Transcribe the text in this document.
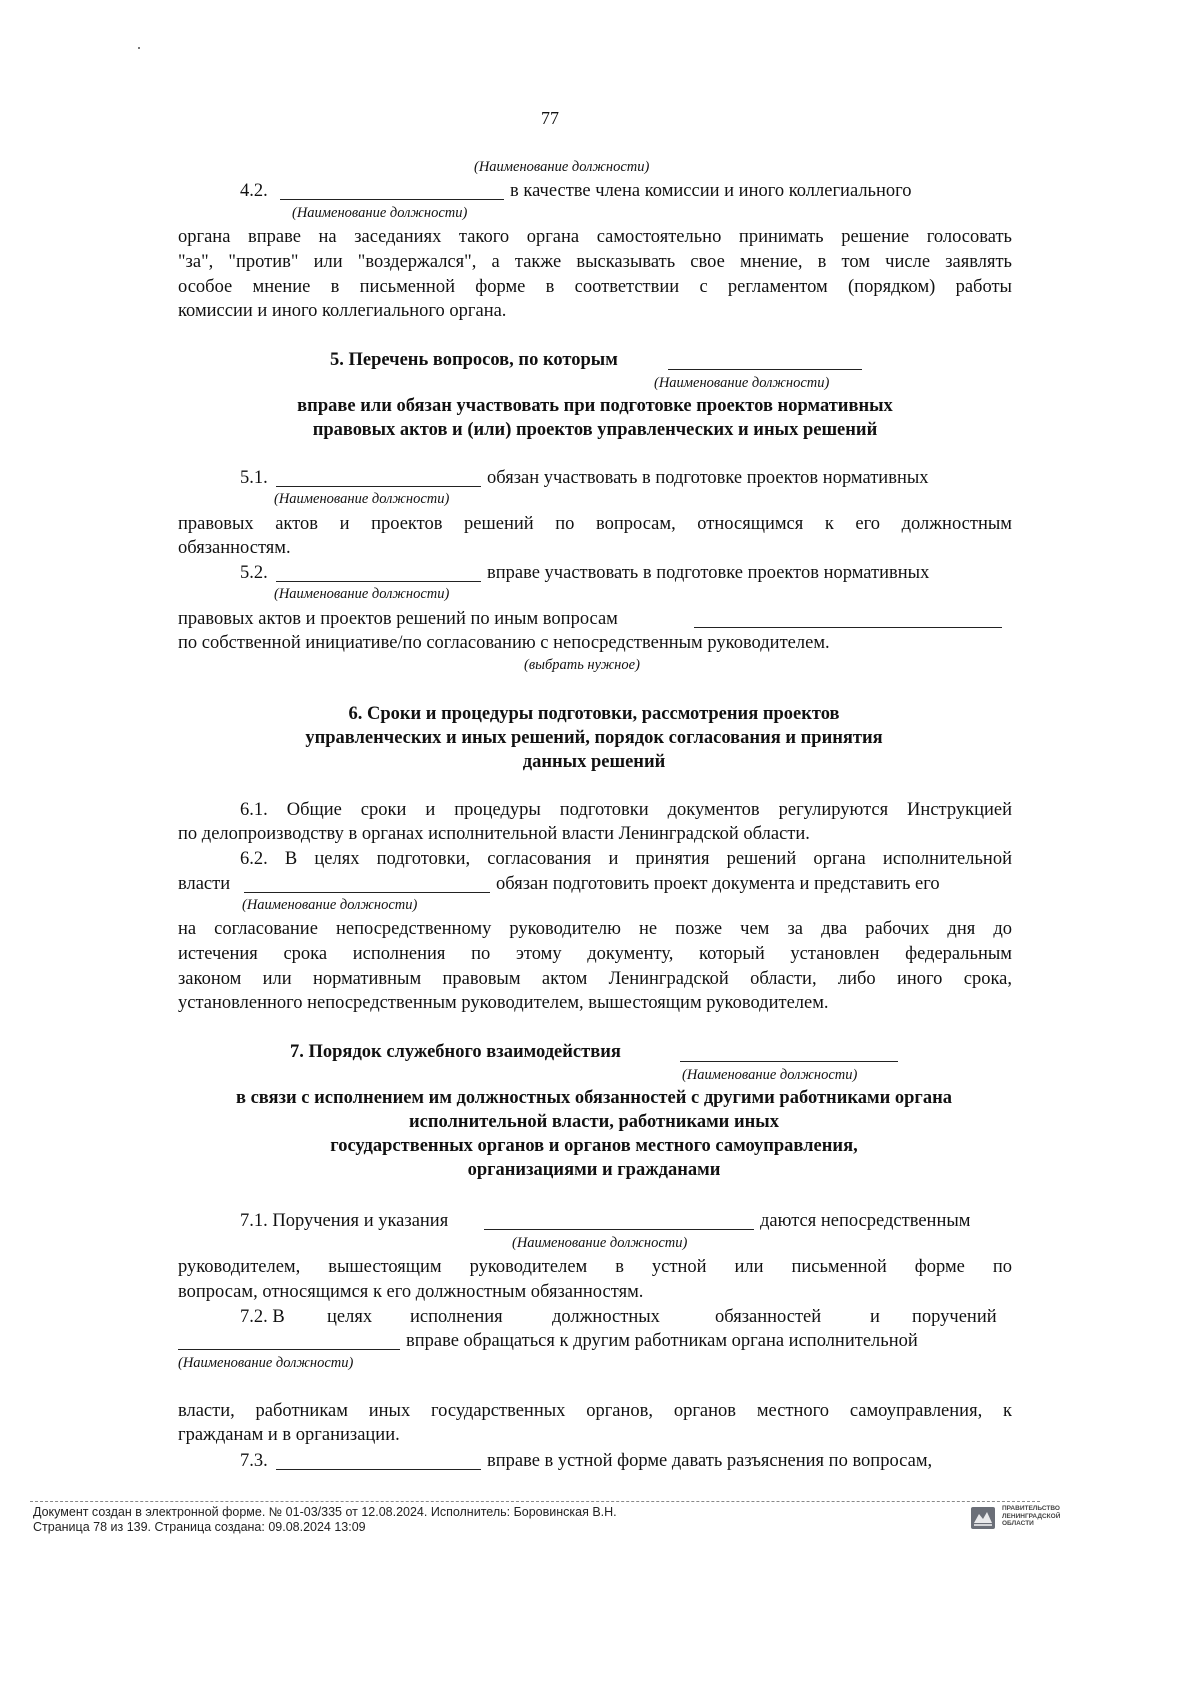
77
(Наименование должности)
4.2.	в качестве члена комиссии и иного коллегиального
(Наименование должности)
органа вправе на заседаниях такого органа самостоятельно принимать решение голосовать
"за", "против" или "воздержался", а также высказывать свое мнение, в том числе заявлять
особое мнение в письменной форме в соответствии с регламентом (порядком) работы
комиссии и иного коллегиального органа.
5. Перечень вопросов, по которым
(Наименование должности)
вправе или обязан участвовать при подготовке проектов нормативных
правовых актов и (или) проектов управленческих и иных решений
5.1.	обязан участвовать в подготовке проектов нормативных
(Наименование должности)
правовых актов и проектов решений по вопросам, относящимся к его должностным
обязанностям.
5.2.	вправе участвовать в подготовке проектов нормативных
(Наименование должности)
правовых актов и проектов решений по иным вопросам
по собственной инициативе/по согласованию с непосредственным руководителем.
(выбрать нужное)
6. Сроки и процедуры подготовки, рассмотрения проектов
управленческих и иных решений, порядок согласования и принятия
данных решений
6.1. Общие сроки и процедуры подготовки документов регулируются Инструкцией
по делопроизводству в органах исполнительной власти Ленинградской области.
6.2. В целях подготовки, согласования и принятия решений органа исполнительной
власти	обязан подготовить проект документа и представить его
(Наименование должности)
на согласование непосредственному руководителю не позже чем за два рабочих дня до
истечения срока исполнения по этому документу, который установлен федеральным
законом или нормативным правовым актом Ленинградской области, либо иного срока,
установленного непосредственным руководителем, вышестоящим руководителем.
7. Порядок служебного взаимодействия
(Наименование должности)
в связи с исполнением им должностных обязанностей с другими работниками органа
исполнительной власти, работниками иных
государственных органов и органов местного самоуправления,
организациями и гражданами
7.1. Поручения и указания	даются непосредственным
(Наименование должности)
руководителем, вышестоящим руководителем в устной или письменной форме по
вопросам, относящимся к его должностным обязанностям.
7.2. В целях исполнения	должностных	обязанностей	и поручений
вправе обращаться к другим работникам органа исполнительной
(Наименование должности)
власти, работникам иных государственных органов, органов местного самоуправления, к
гражданам и в организации.
7.3.	вправе в устной форме давать разъяснения по вопросам,
Документ создан в электронной форме. № 01-03/335 от 12.08.2024. Исполнитель: Боровинская В.Н.
Страница 78 из 139. Страница создана: 09.08.2024 13:09
ПРАВИТЕЛЬСТВО
ЛЕНИНГРАДСКОЙ
ОБЛАСТИ
